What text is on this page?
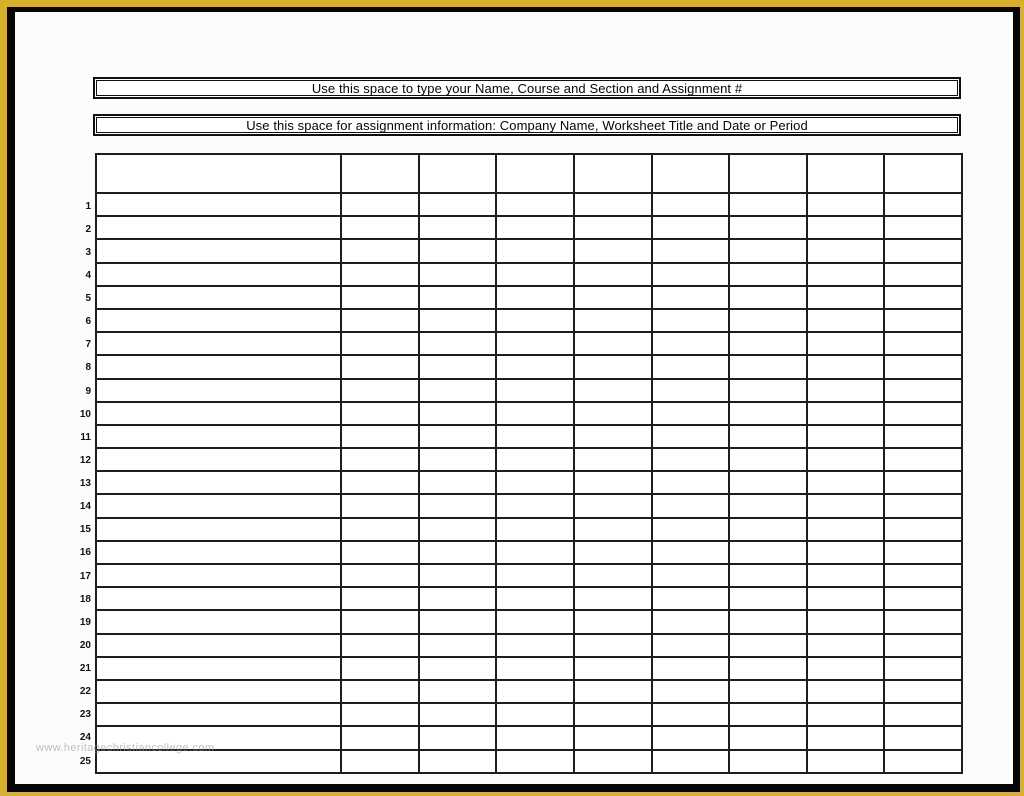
Use this space to type your Name, Course and Section and Assignment #
Use this space for assignment information: Company Name, Worksheet Title and Date or Period
1
2
3
4
5
6
7
8
9
10
11
12
13
14
15
16
17
18
19
20
21
22
23
24
25

www.heritagechristiancollege.com
